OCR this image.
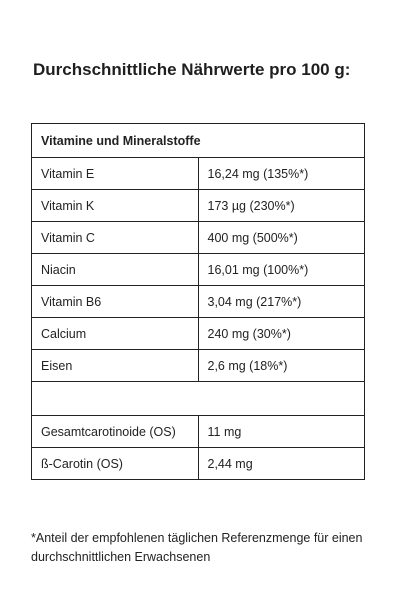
Durchschnittliche Nährwerte pro 100 g:
Vitamine und Mineralstoffe	
Vitamin E	16,24 mg (135%*)
Vitamin K	173 µg (230%*)
Vitamin C	400 mg (500%*)
Niacin	16,01 mg (100%*)
Vitamin B6	3,04 mg (217%*)
Calcium	240 mg (30%*)
Eisen	2,6 mg (18%*)

Gesamtcarotinoide (OS)	11 mg
ß-Carotin (OS)	2,44 mg

*Anteil der empfohlenen täglichen Referenzmenge für einen durchschnittlichen Erwachsenen
